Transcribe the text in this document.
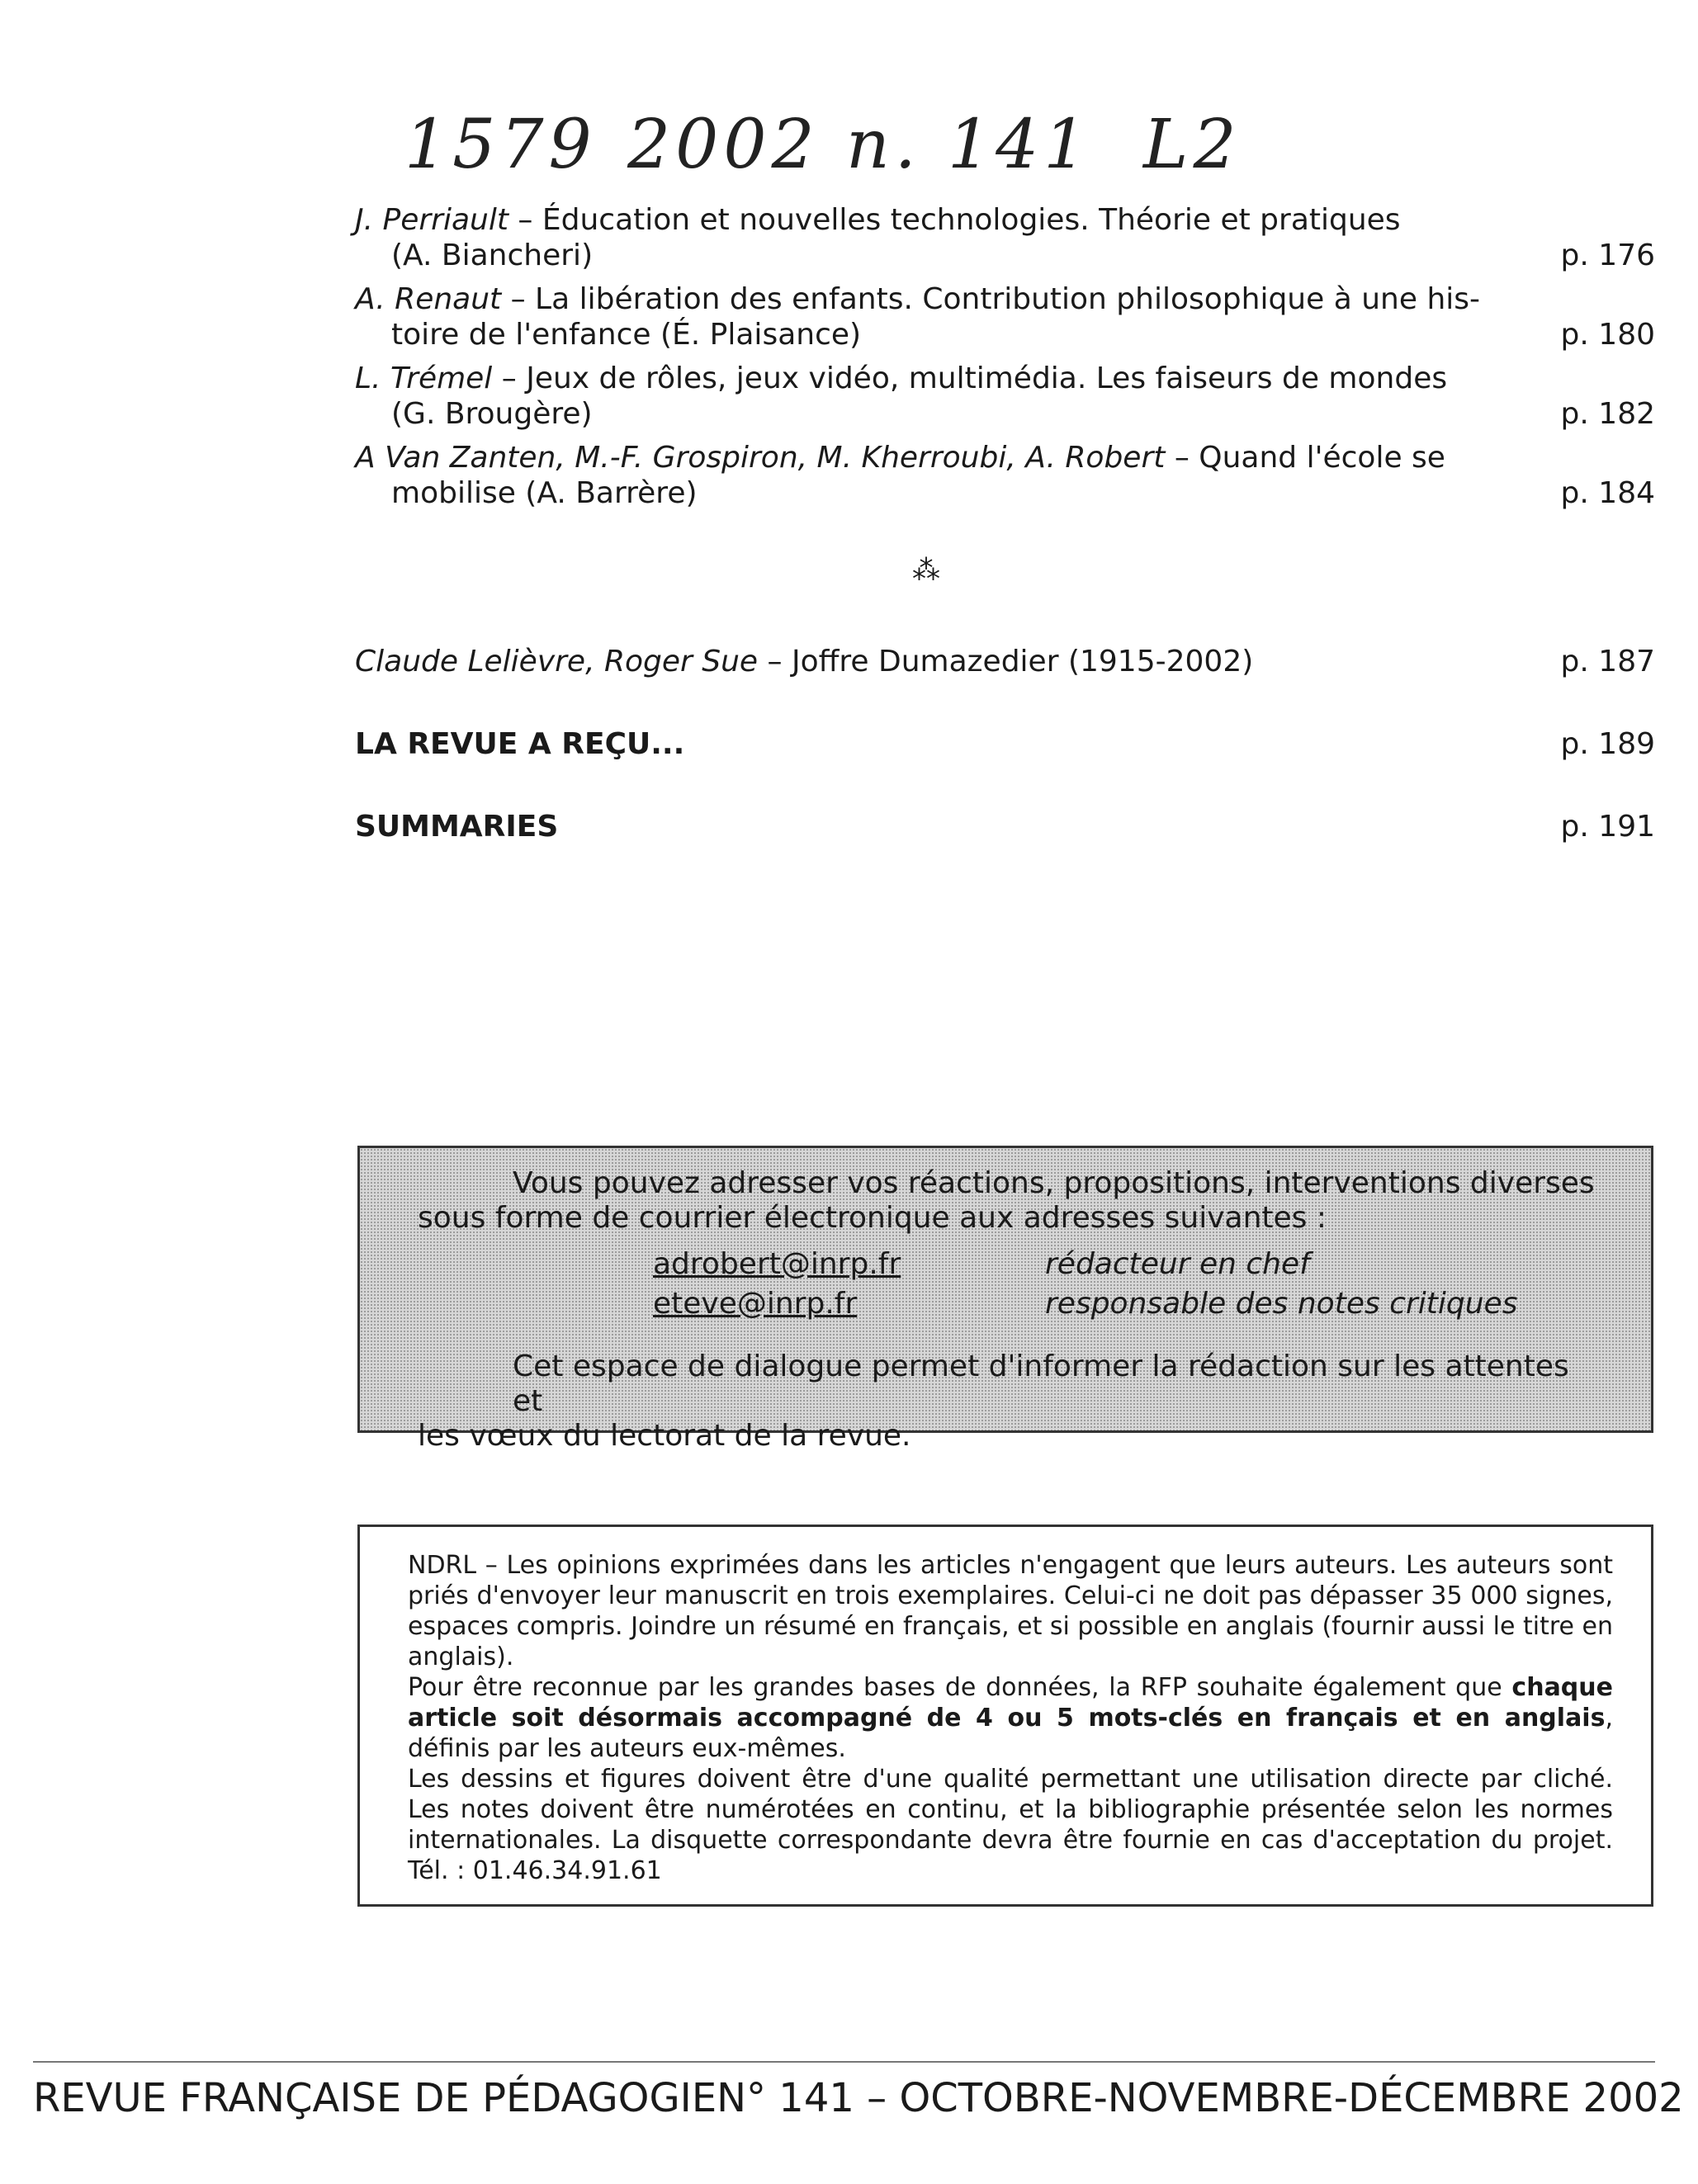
1579 2002 n. 141 L2
J. Perriault – Éducation et nouvelles technologies. Théorie et pratiques
(A. Biancheri)	p. 176
A. Renaut – La libération des enfants. Contribution philosophique à une his-
toire de l'enfance (É. Plaisance)	p. 180
L. Trémel – Jeux de rôles, jeux vidéo, multimédia. Les faiseurs de mondes
(G. Brougère)	p. 182
A Van Zanten, M.-F. Grospiron, M. Kherroubi, A. Robert – Quand l'école se
mobilise (A. Barrère)	p. 184
⁂
Claude Lelièvre, Roger Sue – Joffre Dumazedier (1915-2002)	p. 187
LA REVUE A REÇU...	p. 189
SUMMARIES	p. 191
Vous pouvez adresser vos réactions, propositions, interventions diverses
sous forme de courrier électronique aux adresses suivantes :
adrobert@inrp.fr	rédacteur en chef
eteve@inrp.fr	responsable des notes critiques
Cet espace de dialogue permet d'informer la rédaction sur les attentes et
les vœux du lectorat de la revue.

NDRL – Les opinions exprimées dans les articles n'engagent que leurs auteurs. Les auteurs sont priés d'envoyer leur manuscrit en trois exemplaires. Celui-ci ne doit pas dépasser 35 000 signes, espaces compris. Joindre un résumé en français, et si possible en anglais (fournir aussi le titre en anglais).

Pour être reconnue par les grandes bases de données, la RFP souhaite également que chaque article soit désormais accompagné de 4 ou 5 mots-clés en français et en anglais, définis par les auteurs eux-mêmes.

Les dessins et figures doivent être d'une qualité permettant une utilisation directe par cliché. Les notes doivent être numérotées en continu, et la bibliographie présentée selon les normes internationales. La disquette correspondante devra être fournie en cas d'acceptation du projet. Tél. : 01.46.34.91.61

REVUE FRANÇAISE DE PÉDAGOGIE N° 141 – OCTOBRE-NOVEMBRE-DÉCEMBRE 2002
